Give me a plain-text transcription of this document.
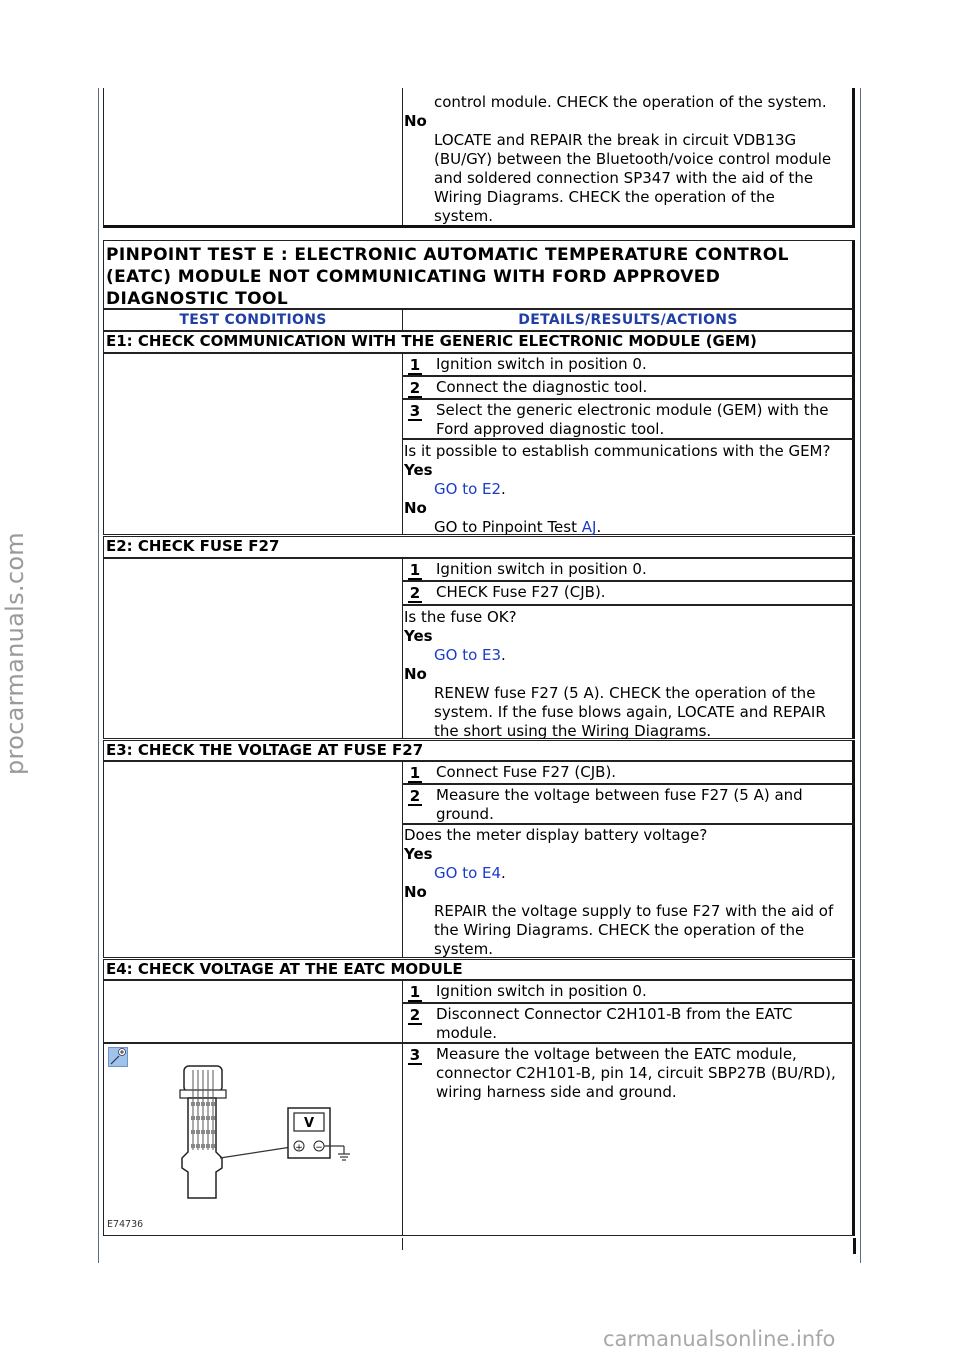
procarmanuals.com
carmanualsonline.info
control module. CHECK the operation of the system.
No
LOCATE and REPAIR the break in circuit VDB13G
(BU/GY) between the Bluetooth/voice control module
and soldered connection SP347 with the aid of the
Wiring Diagrams. CHECK the operation of the
system.
PINPOINT TEST E : ELECTRONIC AUTOMATIC TEMPERATURE CONTROL
(EATC) MODULE NOT COMMUNICATING WITH FORD APPROVED
DIAGNOSTIC TOOL
TEST CONDITIONS	DETAILS/RESULTS/ACTIONS
E1: CHECK COMMUNICATION WITH THE GENERIC ELECTRONIC MODULE (GEM)
1 Ignition switch in position 0.
2 Connect the diagnostic tool.
3 Select the generic electronic module (GEM) with the Ford approved diagnostic tool.
Is it possible to establish communications with the GEM?
Yes
GO to E2.
No
GO to Pinpoint Test AJ.
E2: CHECK FUSE F27
1 Ignition switch in position 0.
2 CHECK Fuse F27 (CJB).
Is the fuse OK?
Yes
GO to E3.
No
RENEW fuse F27 (5 A). CHECK the operation of the
system. If the fuse blows again, LOCATE and REPAIR
the short using the Wiring Diagrams.
E3: CHECK THE VOLTAGE AT FUSE F27
1 Connect Fuse F27 (CJB).
2 Measure the voltage between fuse F27 (5 A) and ground.
Does the meter display battery voltage?
Yes
GO to E4.
No
REPAIR the voltage supply to fuse F27 with the aid of
the Wiring Diagrams. CHECK the operation of the
system.
E4: CHECK VOLTAGE AT THE EATC MODULE
1 Ignition switch in position 0.
2 Disconnect Connector C2H101-B from the EATC module.
V
+ −
E74736
3 Measure the voltage between the EATC module, connector C2H101-B, pin 14, circuit SBP27B (BU/RD), wiring harness side and ground.
